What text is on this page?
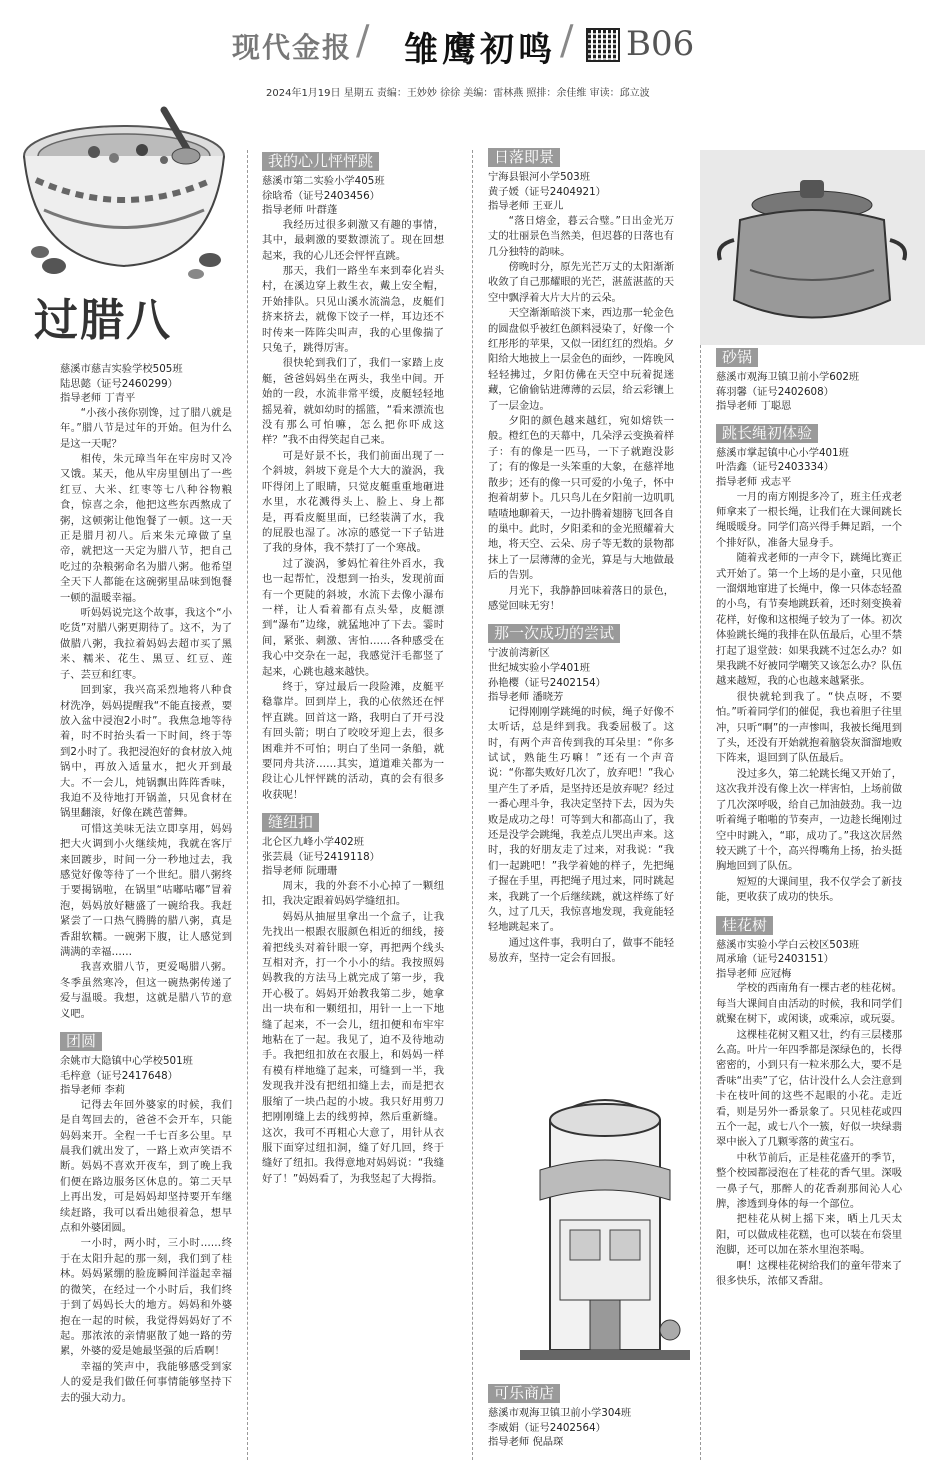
现代金报 / 雏鹰初鸣 / B06
2024年1月19日 星期五 责编：王妙妙 徐徐 美编：雷林燕 照排：余佳维 审读：邱立波
过腊八
慈溪市慈吉实验学校505班
陆思懿（证号2460299）
指导老师 丁青平

“小孩小孩你别馋，过了腊八就是年。”腊八节是过年的开始。但为什么是这一天呢？

相传，朱元璋当年在牢房时又冷又饿。某天，他从牢房里刨出了一些红豆、大米、红枣等七八种谷物粮食，惊喜之余，他把这些东西熬成了粥，这顿粥让他饱餐了一顿。这一天正是腊月初八。后来朱元璋做了皇帝，就把这一天定为腊八节，把自己吃过的杂粮粥命名为腊八粥。他希望全天下人都能在这碗粥里品味到饱餐一顿的温暖幸福。

听妈妈说完这个故事，我这个“小吃货”对腊八粥更期待了。这不，为了做腊八粥，我拉着妈妈去超市买了黑米、糯米、花生、黑豆、红豆、莲子、芸豆和红枣。

回到家，我兴高采烈地将八种食材洗净，妈妈提醒我“不能直接煮，要放入盆中浸泡2小时”。我焦急地等待着，时不时抬头看一下时间，终于等到2小时了。我把浸泡好的食材放入炖锅中，再放入适量水，把火开到最大。不一会儿，炖锅飘出阵阵香味，我迫不及待地打开锅盖，只见食材在锅里翻滚，好像在跳芭蕾舞。

可惜这美味无法立即享用，妈妈把大火调到小火继续炖，我就在客厅来回踱步，时间一分一秒地过去，我感觉好像等待了一个世纪。腊八粥终于要揭锅啦，在锅里“咕嘟咕嘟”冒着泡，妈妈放好糖盛了一碗给我。我赶紧尝了一口热气腾腾的腊八粥，真是香甜软糯。一碗粥下腹，让人感觉到满满的幸福……

我喜欢腊八节，更爱喝腊八粥。冬季虽然寒冷，但这一碗热粥传递了爱与温暖。我想，这就是腊八节的意义吧。

团圆
余姚市大隐镇中心学校501班
毛梓意（证号2417648）
指导老师 李莉

记得去年回外婆家的时候，我们是自驾回去的，爸爸不会开车，只能妈妈来开。全程一千七百多公里。早晨我们就出发了，一路上欢声笑语不断。妈妈不喜欢开夜车，到了晚上我们便在路边服务区休息的。第二天早上再出发，可是妈妈却坚持要开车继续赶路，我可以看出她很着急，想早点和外婆团圆。

一小时，两小时，三小时……终于在太阳升起的那一刻，我们到了桂林。妈妈紧绷的脸庞瞬间洋溢起幸福的微笑，在经过一个小时后，我们终于到了妈妈长大的地方。妈妈和外婆抱在一起的时候，我觉得妈妈好了不起。那浓浓的亲情驱散了她一路的劳累，外婆的爱是她最坚强的后盾啊！

幸福的笑声中，我能够感受到家人的爱是我们做任何事情能够坚持下去的强大动力。

我的心儿怦怦跳
慈溪市第二实验小学405班
徐晗希（证号2403456）
指导老师 叶群蓬

我经历过很多刺激又有趣的事情，其中，最刺激的要数漂流了。现在回想起来，我的心儿还会怦怦直跳。

那天，我们一路坐车来到奉化岩头村，在溪边穿上救生衣，戴上安全帽，开始排队。只见山溪水流湍急，皮艇们挤来挤去，就像下饺子一样，耳边还不时传来一阵阵尖叫声，我的心里像揣了只兔子，跳得厉害。

很快轮到我们了，我们一家踏上皮艇，爸爸妈妈坐在两头，我坐中间。开始的一段，水流非常平缓，皮艇轻轻地摇晃着，就如幼时的摇篮，“看来漂流也没有那么可怕嘛，怎么把你吓成这样？”我不由得笑起自己来。

可是好景不长，我们前面出现了一个斜坡，斜坡下竟是个大大的漩涡，我吓得闭上了眼睛，只觉皮艇重重地砸进水里，水花溅得头上、脸上、身上都是，再看皮艇里面，已经装满了水，我的屁股也湿了。冰凉的感觉一下子钻进了我的身体，我不禁打了一个寒战。

过了漩涡，爹妈忙着往外舀水，我也一起帮忙，没想到一抬头，发现前面有一个更陡的斜坡，水流下去像小瀑布一样，让人看着都有点头晕，皮艇漂到“瀑布”边缘，就猛地冲了下去。霎时间，紧张、刺激、害怕……各种感受在我心中交杂在一起，我感觉汗毛都竖了起来，心跳也越来越快。

终于，穿过最后一段险滩，皮艇平稳靠岸。回到岸上，我的心依然还在怦怦直跳。回首这一路，我明白了开弓没有回头箭；明白了咬咬牙迎上去，很多困难并不可怕；明白了坐同一条船，就要同舟共济……其实，道道难关都为一段让心儿怦怦跳的活动，真的会有很多收获呢！

缝纽扣
北仑区九峰小学402班
张芸晨（证号2419118）
指导老师 阮珊珊

周末，我的外套不小心掉了一颗纽扣，我决定跟着妈妈学缝纽扣。

妈妈从抽屉里拿出一个盒子，让我先找出一根跟衣服颜色相近的细线，接着把线头对着针眼一穿，再把两个线头互相对齐，打一个小小的结。我按照妈妈教我的方法马上就完成了第一步，我开心极了。妈妈开始教我第二步，她拿出一块布和一颗纽扣，用针一上一下地缝了起来，不一会儿，纽扣便和布牢牢地粘在了一起。我见了，迫不及待地动手。我把纽扣放在衣服上，和妈妈一样有模有样地缝了起来，可缝到一半，我发现我并没有把纽扣缝上去，而是把衣服缩了一块凸起的小坡。我只好用剪刀把刚刚缝上去的线剪掉，然后重新缝。这次，我可不再粗心大意了，用针从衣服下面穿过纽扣洞，缝了好几回，终于缝好了纽扣。我得意地对妈妈说：“我缝好了！”妈妈看了，为我竖起了大拇指。

日落即景
宁海县银河小学503班
黄子媛（证号2404921）
指导老师 王亚儿

“落日熔金，暮云合璧。”日出金光万丈的壮丽景色当然美，但迟暮的日落也有几分独特的韵味。

傍晚时分，原先光芒万丈的太阳渐渐收敛了自己那耀眼的光芒，湛蓝湛蓝的天空中飘浮着大片大片的云朵。

天空渐渐暗淡下来，西边那一轮金色的圆盘似乎被红色颜料浸染了，好像一个红彤彤的苹果，又似一团红红的烈焰。夕阳给大地披上一层金色的面纱，一阵晚风轻轻拂过，夕阳仿佛在天空中玩着捉迷藏，它偷偷钻进薄薄的云层，给云彩镶上了一层金边。

夕阳的颜色越来越红，宛如熔铁一般。橙红色的天幕中，几朵浮云变换着样子：有的像是一匹马，一下子就跑没影了；有的像是一头笨重的大象，在慈祥地散步；还有的像一只可爱的小兔子，怀中抱着胡萝卜。几只鸟儿在夕阳前一边叽叽喳喳地聊着天，一边扑腾着翅膀飞回各自的巢中。此时，夕阳柔和的金光照耀着大地，将天空、云朵、房子等无数的景物都抹上了一层薄薄的金光，算是与大地做最后的告别。

月光下，我静静回味着落日的景色，感觉回味无穷！

那一次成功的尝试
宁波前湾新区
世纪城实验小学401班
孙艳樱（证号2402154）
指导老师 潘晓芳

记得刚刚学跳绳的时候，绳子好像不太听话，总是绊到我。我委屈极了。这时，有两个声音传到我的耳朵里：“你多试试，熟能生巧嘛！”还有一个声音说：“你都失败好几次了，放弃吧！”我心里产生了矛盾，是坚持还是放弃呢？经过一番心理斗争，我决定坚持下去，因为失败是成功之母！可等到大和都高山了，我还是没学会跳绳，我差点儿哭出声来。这时，我的好朋友走了过来，对我说：“我们一起跳吧！”我学着她的样子，先把绳子握在手里，再把绳子甩过来，同时跳起来，我跳了一个后继续跳，就这样练了好久，过了几天，我惊喜地发现，我竟能轻轻地跳起来了。

通过这件事，我明白了，做事不能轻易放弃，坚持一定会有回报。

可乐商店
慈溪市观海卫镇卫前小学304班
李威娟（证号2402564）
指导老师 倪晶琛
砂锅
慈溪市观海卫镇卫前小学602班
蒋羽馨（证号2402608）
指导老师 丁聪恩
跳长绳初体验
慈溪市掌起镇中心小学401班
叶浩鑫（证号2403334）
指导老师 戎志平

一月的南方刚提多冷了，班主任戎老师拿来了一根长绳，让我们在大课间跳长绳暖暖身。同学们高兴得手舞足蹈，一个个排好队，准备大显身手。

随着戎老师的一声令下，跳绳比赛正式开始了。第一个上场的是小童，只见他一溜烟地窜进了长绳中，像一只体态轻盈的小鸟，有节奏地跳跃着，还时刻变换着花样，好像和这根绳子较为了一体。初次体验跳长绳的我排在队伍最后，心里不禁打起了退堂鼓：如果我跳不过怎么办？如果我跳不好被同学嘲笑又该怎么办？队伍越来越短，我的心也越来越紧张。

很快就轮到我了。“快点呀，不要怕。”听着同学们的催促，我也着胆子往里冲，只听“啊”的一声惨叫，我被长绳甩到了头，还没有开始就抱着脑袋灰溜溜地败下阵来，退回到了队伍最后。

没过多久，第二轮跳长绳又开始了，这次我并没有像上次一样害怕，上场前做了几次深呼吸，给自己加油鼓劲。我一边听着绳子啪啪的节奏声，一边趁长绳刚过空中时跳入，“耶，成功了。”我这次居然较天跳了十个，高兴得嘴角上扬，抬头挺胸地回到了队伍。

短短的大课间里，我不仅学会了新技能，更收获了成功的快乐。

桂花树
慈溪市实验小学白云校区503班
周承瑜（证号2403151）
指导老师 应冠梅

学校的西南角有一棵古老的桂花树。每当大课间自由活动的时候，我和同学们就聚在树下，或闲谈，或乘凉，或玩耍。

这棵桂花树又粗又壮，约有三层楼那么高。叶片一年四季都是深绿色的，长得密密的，小到只有一粒米那么大，要不是香味“出卖”了它，估计没什么人会注意到卡在枝叶间的这些不起眼的小花。走近看，则是另外一番景象了。只见桂花或四五个一起，或七八个一簇，好似一块绿翡翠中嵌入了几颗零落的黄宝石。

中秋节前后，正是桂花盛开的季节，整个校园都浸泡在了桂花的香气里。深吸一鼻子气，那醉人的花香刹那间沁人心脾，渗透到身体的每一个部位。

把桂花从树上摇下来，晒上几天太阳，可以做成桂花糕，也可以装在布袋里泡脚，还可以加在茶水里泡茶喝。

啊！这棵桂花树给我们的童年带来了很多快乐，浓郁又香甜。
